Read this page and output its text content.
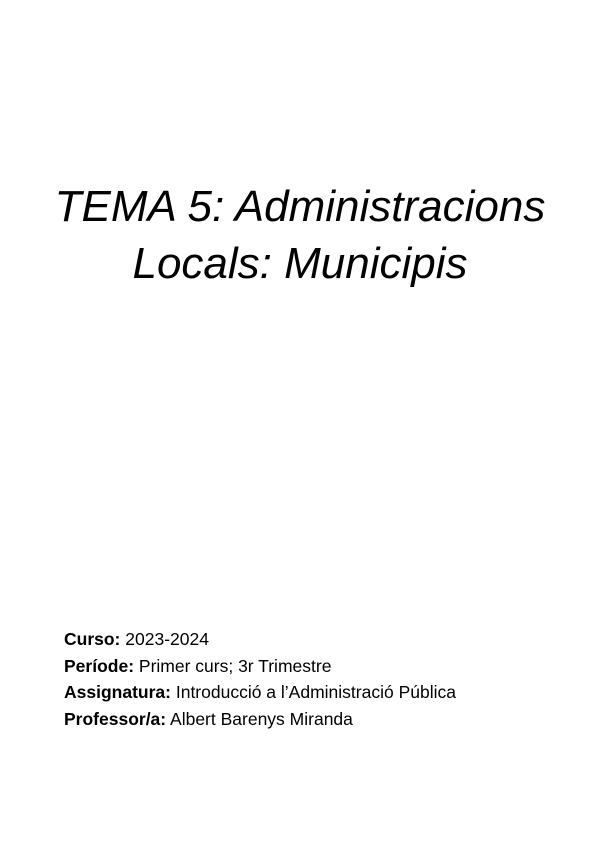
TEMA 5: Administracions
Locals: Municipis
Curso: 2023-2024
Període: Primer curs; 3r Trimestre
Assignatura: Introducció a l’Administració Pública
Professor/a: Albert Barenys Miranda
